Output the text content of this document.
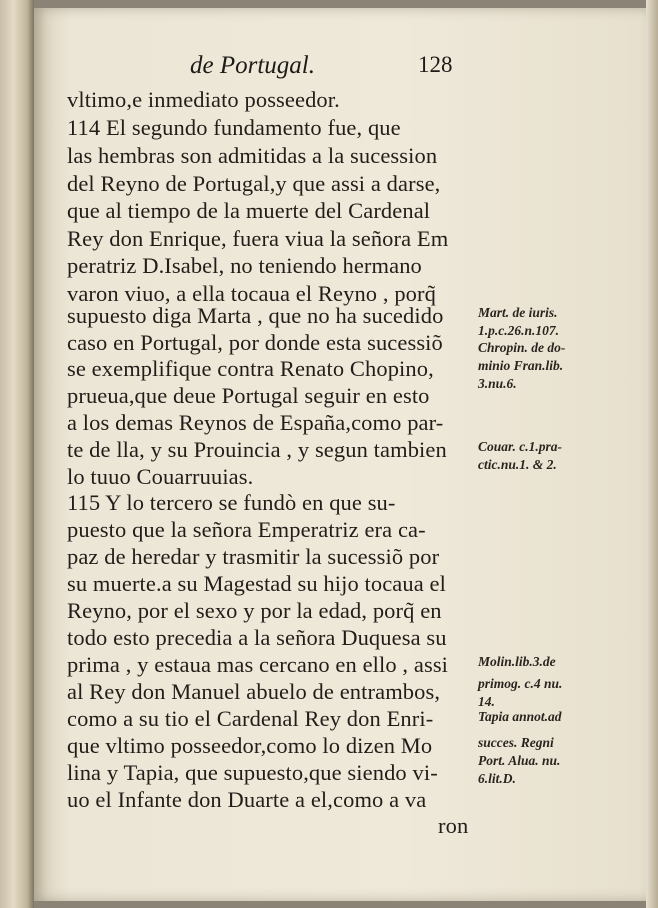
de Portugal.	128
vltimo,e inmediato posseedor.
114 El segundo fundamento fue, que
las hembras son admitidas a la sucession
del Reyno de Portugal,y que assi a darse,
que al tiempo de la muerte del Cardenal
Rey don Enrique, fuera viua la señora Em
peratriz D.Isabel, no teniendo hermano
varon viuo, a ella tocaua el Reyno , porq̃
supuesto diga Marta , que no ha sucedido
caso en Portugal, por donde esta sucessiõ
se exemplifique contra Renato Chopino,
prueua,que deue Portugal seguir en esto
a los demas Reynos de España,como par-
te de lla, y su Prouincia , y segun tambien
lo tuuo Couarruuias.
115 Y lo tercero se fundò en que su-
puesto que la señora Emperatriz era ca-
paz de heredar y trasmitir la sucessiõ por
su muerte.a su Magestad su hijo tocaua el
Reyno, por el sexo y por la edad, porq̃ en
todo esto precedia a la señora Duquesa su
prima , y estaua mas cercano en ello , assi
al Rey don Manuel abuelo de entrambos,
como a su tio el Cardenal Rey don Enri-
que vltimo posseedor,como lo dizen Mo
lina y Tapia, que supuesto,que siendo vi-
uo el Infante don Duarte a el,como a va
ron
Mart. de iuris.
1.p.c.26.n.107.
Chropin. de do-
minio Fran.lib.
3.nu.6.
Couar. c.1.pra-
ctic.nu.1. & 2.
Molin.lib.3.de
primog. c.4 nu.
14.
Tapia annot.ad
succes. Regni
Port. Alua. nu.
6.lit.D.
